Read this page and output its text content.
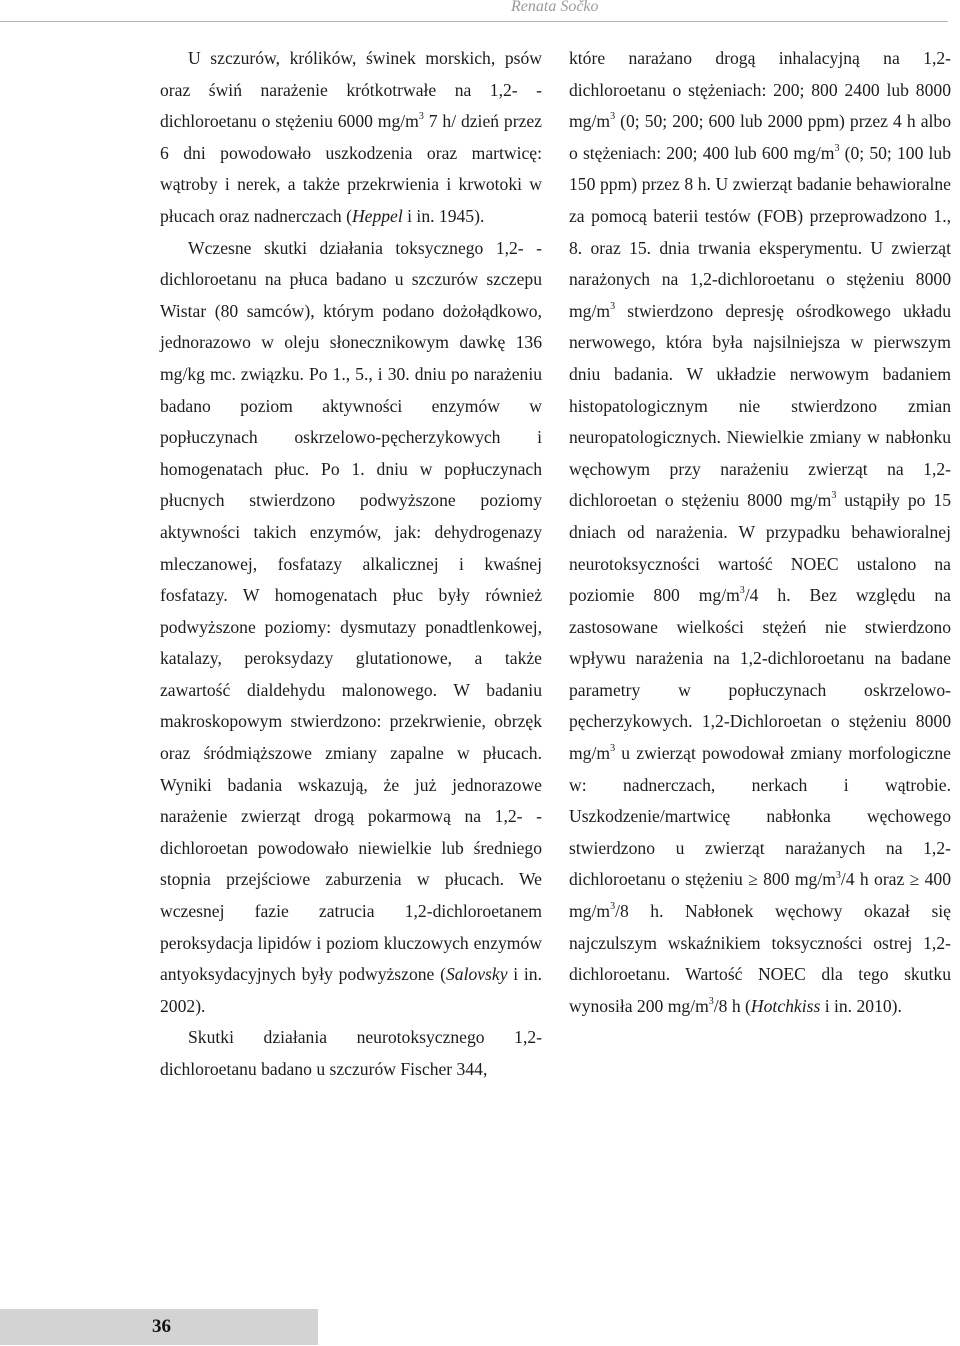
Renata Sočko

U szczurów, królików, świnek morskich, psów oraz świń narażenie krótkotrwałe na 1,2- -dichloroetanu o stężeniu 6000 $mg/m^3$ 7 h/ dzień przez 6 dni powodowało uszkodzenia oraz martwicę: wątroby i nerek, a także przekrwienia i krwotoki w płucach oraz nadnerczach (Heppel i in. 1945).

Wczesne skutki działania toksycznego 1,2- -dichloroetanu na płuca badano u szczurów szczepu Wistar (80 samców), którym podano dożołądkowo, jednorazowo w oleju słonecznikowym dawkę 136 mg/kg mc. związku. Po 1., 5., i 30. dniu po narażeniu badano poziom aktywności enzymów w popłuczynach oskrzelowo-pęcherzykowych i homogenatach płuc. Po 1. dniu w popłuczynach płucnych stwierdzono podwyższone poziomy aktywności takich enzymów, jak: dehydrogenazy mleczanowej, fosfatazy alkalicznej i kwaśnej fosfatazy. W homogenatach płuc były również podwyższone poziomy: dysmutazy ponadtlenkowej, katalazy, peroksydazy glutationowe, a także zawartość dialdehydu malonowego. W badaniu makroskopowym stwierdzono: przekrwienie, obrzęk oraz śródmiąższowe zmiany zapalne w płucach. Wyniki badania wskazują, że już jednorazowe narażenie zwierząt drogą pokarmową na 1,2- -dichloroetan powodowało niewielkie lub średniego stopnia przejściowe zaburzenia w płucach. We wczesnej fazie zatrucia 1,2-dichloroetanem peroksydacja lipidów i poziom kluczowych enzymów antyoksydacyjnych były podwyższone (Salovsky i in. 2002).

Skutki działania neurotoksycznego 1,2-dichloroetanu badano u szczurów Fischer 344,

które narażano drogą inhalacyjną na 1,2-dichloroetanu o stężeniach: 200; 800 2400 lub 8000 $mg/m^3$ (0; 50; 200; 600 lub 2000 ppm) przez 4 h albo o stężeniach: 200; 400 lub 600 $mg/m^3$ (0; 50; 100 lub 150 ppm) przez 8 h. U zwierząt badanie behawioralne za pomocą baterii testów (FOB) przeprowadzono 1., 8. oraz 15. dnia trwania eksperymentu. U zwierząt narażonych na 1,2-dichloroetanu o stężeniu 8000 $mg/m^3$ stwierdzono depresję ośrodkowego układu nerwowego, która była najsilniejsza w pierwszym dniu badania. W układzie nerwowym badaniem histopatologicznym nie stwierdzono zmian neuropatologicznych. Niewielkie zmiany w nabłonku węchowym przy narażeniu zwierząt na 1,2-dichloroetan o stężeniu 8000 $mg/m^3$ ustąpiły po 15 dniach od narażenia. W przypadku behawioralnej neurotoksyczności wartość NOEC ustalono na poziomie 800 $mg/m^3/4$ h. Bez względu na zastosowane wielkości stężeń nie stwierdzono wpływu narażenia na 1,2-dichloroetanu na badane parametry w popłuczynach oskrzelowo-pęcherzykowych. 1,2-Dichloroetan o stężeniu 8000 $mg/m^3$ u zwierząt powodował zmiany morfologiczne w: nadnerczach, nerkach i wątrobie. Uszkodzenie/martwicę nabłonka węchowego stwierdzono u zwierząt narażanych na 1,2-dichloroetanu o stężeniu ≥ 800 $mg/m^3/4$ h oraz ≥ 400 $mg/m^3/8$ h. Nabłonek węchowy okazał się najczulszym wskaźnikiem toksyczności ostrej 1,2-dichloroetanu. Wartość NOEC dla tego skutku wynosiła 200 $mg/m^3/8$ h (Hotchkiss i in. 2010).

36
